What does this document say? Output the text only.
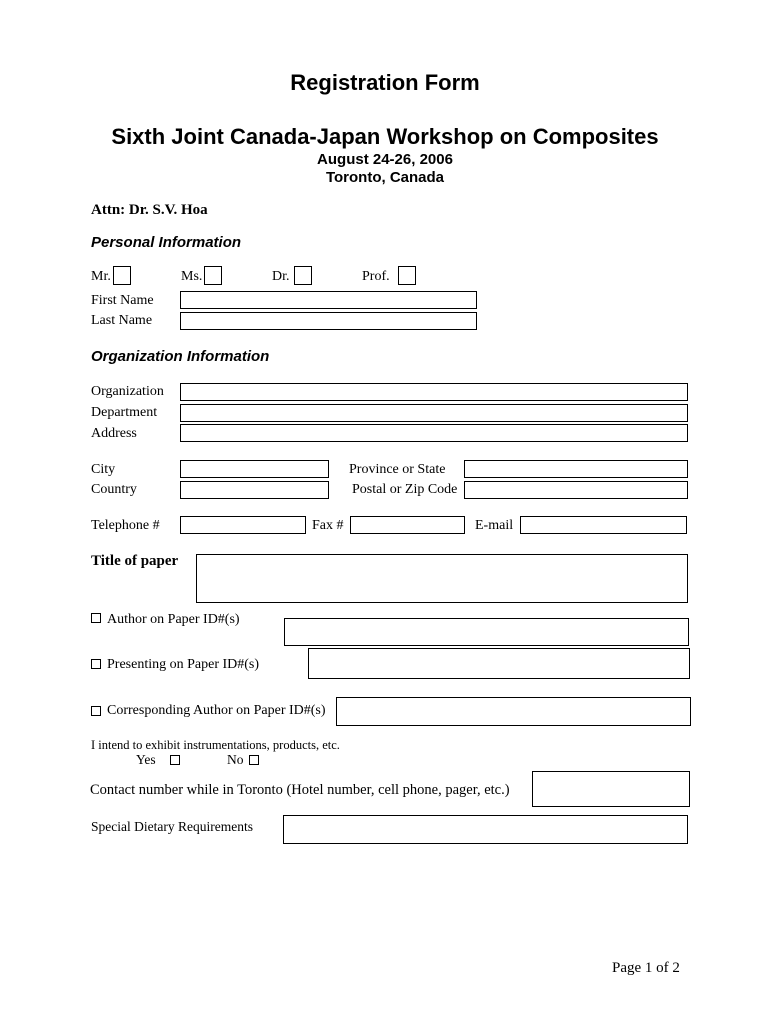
Registration Form
Sixth Joint Canada-Japan Workshop on Composites
August 24-26, 2006
Toronto, Canada
Attn: Dr. S.V. Hoa
Personal Information
Mr.	Ms.	Dr.	Prof.
First Name
Last Name
Organization Information
Organization
Department
Address
City	Province or State
Country	Postal or Zip Code
Telephone #	Fax #	E-mail
Title of paper
Author on Paper ID#(s)
Presenting on Paper ID#(s)
Corresponding Author on Paper ID#(s)
I intend to exhibit instrumentations, products, etc.
Yes	No
Contact number while in Toronto (Hotel number, cell phone, pager, etc.)
Special Dietary Requirements
Page 1 of 2
